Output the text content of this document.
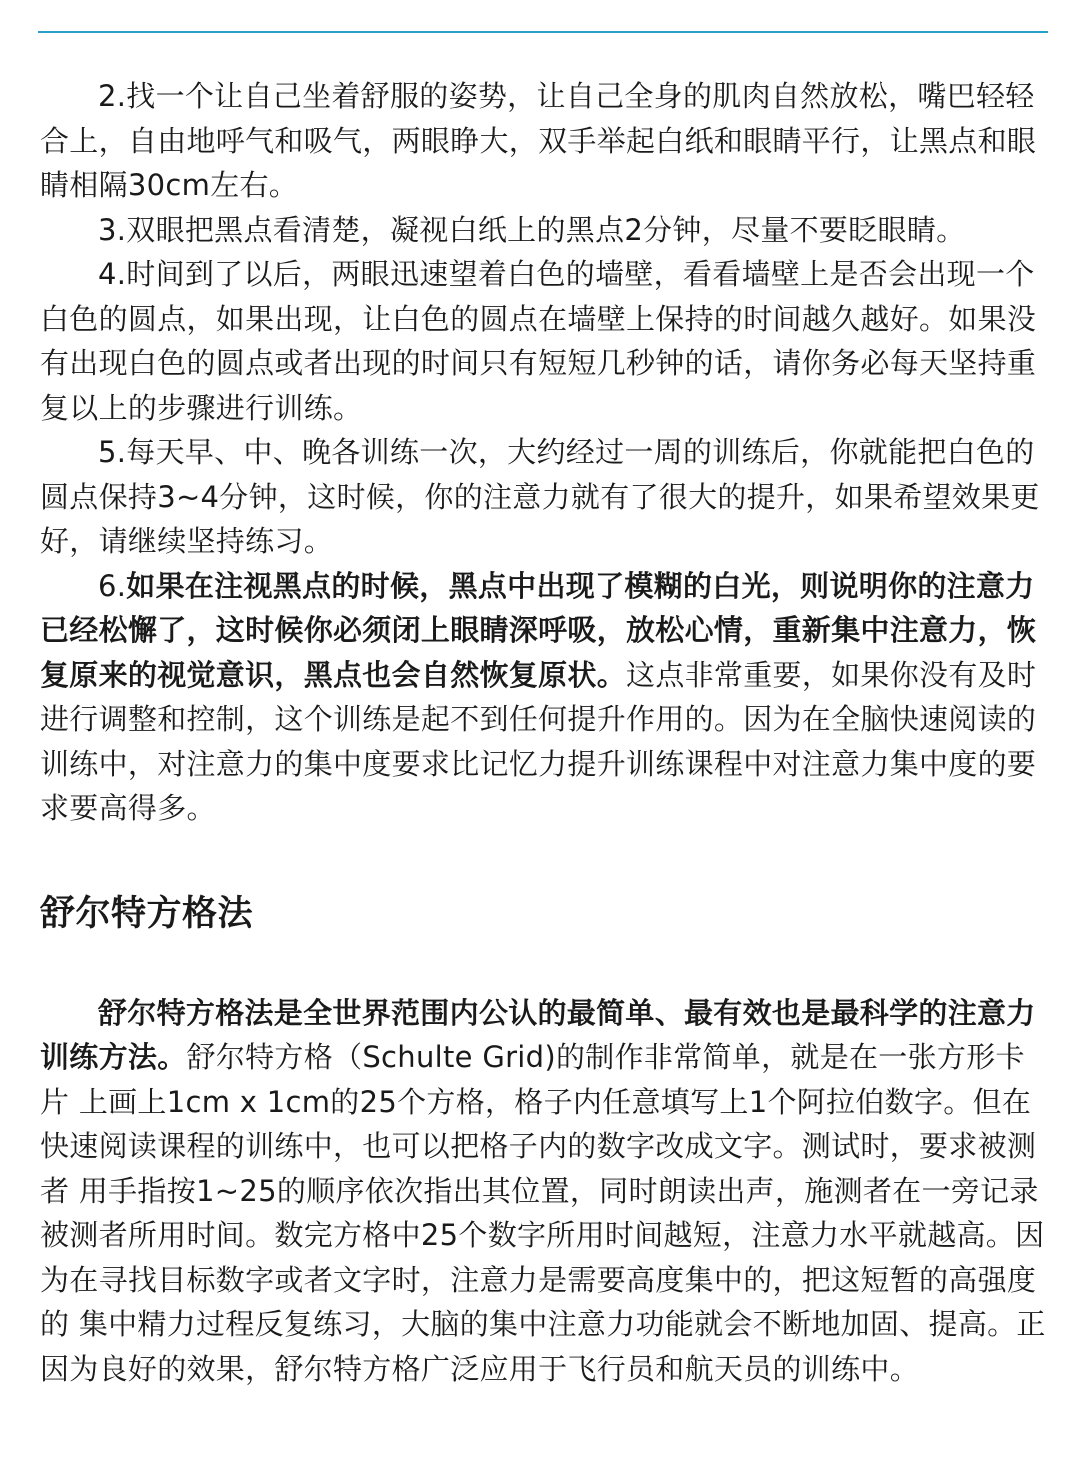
2.找一个让自己坐着舒服的姿势，让自己全身的肌肉自然放松，嘴巴轻轻合上，自由地呼气和吸气，两眼睁大，双手举起白纸和眼睛平行，让黑点和眼睛相隔30cm左右。

3.双眼把黑点看清楚，凝视白纸上的黑点2分钟，尽量不要眨眼睛。

4.时间到了以后，两眼迅速望着白色的墙壁，看看墙壁上是否会出现一个白色的圆点，如果出现，让白色的圆点在墙壁上保持的时间越久越好。如果没有出现白色的圆点或者出现的时间只有短短几秒钟的话，请你务必每天坚持重复以上的步骤进行训练。

5.每天早、中、晚各训练一次，大约经过一周的训练后，你就能把白色的圆点保持3~4分钟，这时候，你的注意力就有了很大的提升，如果希望效果更好，请继续坚持练习。

6.如果在注视黑点的时候，黑点中出现了模糊的白光，则说明你的注意力已经松懈了，这时候你必须闭上眼睛深呼吸，放松心情，重新集中注意力，恢复原来的视觉意识，黑点也会自然恢复原状。这点非常重要，如果你没有及时进行调整和控制，这个训练是起不到任何提升作用的。因为在全脑快速阅读的训练中，对注意力的集中度要求比记忆力提升训练课程中对注意力集中度的要求要高得多。

舒尔特方格法

舒尔特方格法是全世界范围内公认的最简单、最有效也是最科学的注意力训练方法。舒尔特方格（Schulte Grid)的制作非常简单，就是在一张方形卡片 上画上1cm x 1cm的25个方格，格子内任意填写上1个阿拉伯数字。但在快速阅读课程的训练中，也可以把格子内的数字改成文字。测试时，要求被测者 用手指按1~25的顺序依次指出其位置，同时朗读出声，施测者在一旁记录被测者所用时间。数完方格中25个数字所用时间越短，注意力水平就越高。因为在寻找目标数字或者文字时，注意力是需要高度集中的，把这短暂的高强度的 集中精力过程反复练习，大脑的集中注意力功能就会不断地加固、提高。正因为良好的效果，舒尔特方格广泛应用于飞行员和航天员的训练中。
